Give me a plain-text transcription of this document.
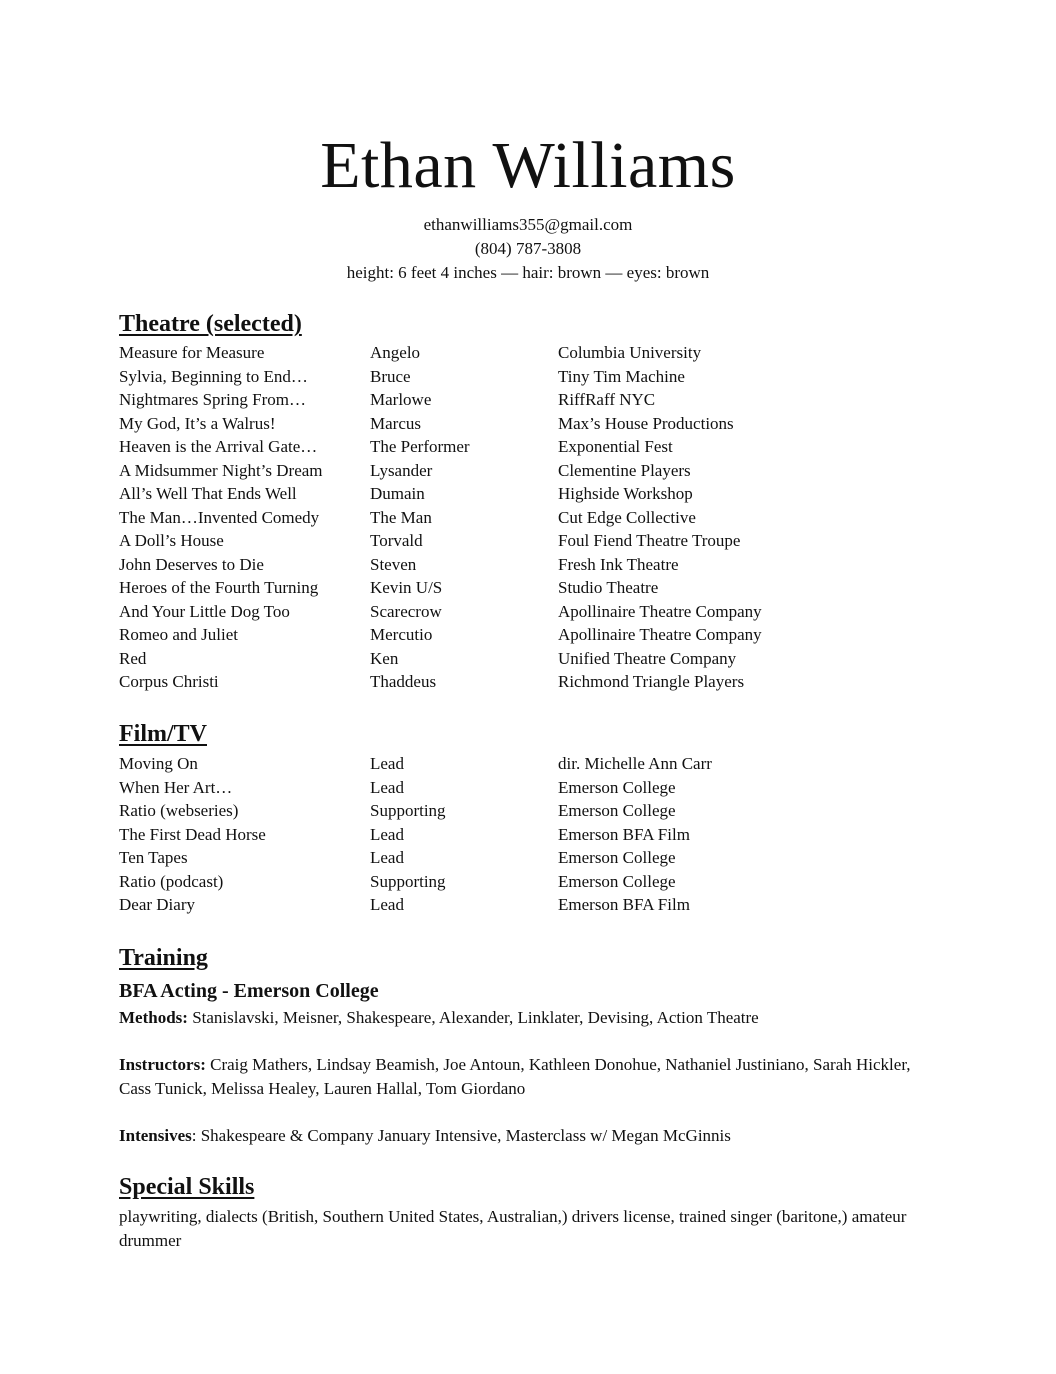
Ethan Williams
ethanwilliams355@gmail.com
(804) 787-3808
height: 6 feet 4 inches — hair: brown — eyes: brown
Theatre (selected)
Measure for Measure	Angelo	Columbia University
Sylvia, Beginning to End…	Bruce	Tiny Tim Machine
Nightmares Spring From…	Marlowe	RiffRaff NYC
My God, It’s a Walrus!	Marcus	Max’s House Productions
Heaven is the Arrival Gate…	The Performer	Exponential Fest
A Midsummer Night’s Dream	Lysander	Clementine Players
All’s Well That Ends Well	Dumain	Highside Workshop
The Man…Invented Comedy	The Man	Cut Edge Collective
A Doll’s House	Torvald	Foul Fiend Theatre Troupe
John Deserves to Die	Steven	Fresh Ink Theatre
Heroes of the Fourth Turning	Kevin U/S	Studio Theatre
And Your Little Dog Too	Scarecrow	Apollinaire Theatre Company
Romeo and Juliet	Mercutio	Apollinaire Theatre Company
Red	Ken	Unified Theatre Company
Corpus Christi	Thaddeus	Richmond Triangle Players
Film/TV
Moving On	Lead	dir. Michelle Ann Carr
When Her Art…	Lead	Emerson College
Ratio (webseries)	Supporting	Emerson College
The First Dead Horse	Lead	Emerson BFA Film
Ten Tapes	Lead	Emerson College
Ratio (podcast)	Supporting	Emerson College
Dear Diary	Lead	Emerson BFA Film
Training
BFA Acting - Emerson College
Methods: Stanislavski, Meisner, Shakespeare, Alexander, Linklater, Devising, Action Theatre
Instructors: Craig Mathers, Lindsay Beamish, Joe Antoun, Kathleen Donohue, Nathaniel Justiniano, Sarah Hickler, Cass Tunick, Melissa Healey, Lauren Hallal, Tom Giordano
Intensives: Shakespeare & Company January Intensive, Masterclass w/ Megan McGinnis
Special Skills
playwriting, dialects (British, Southern United States, Australian,) drivers license, trained singer (baritone,) amateur drummer
